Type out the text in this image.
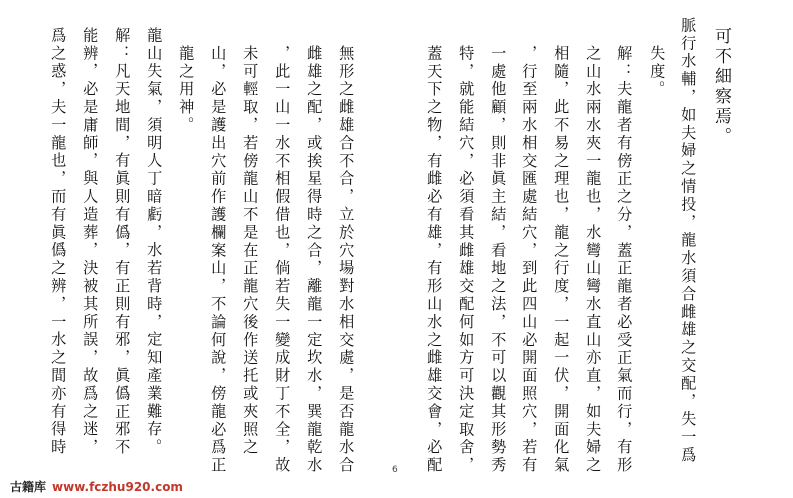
可不細察焉。
脈行水輔，如夫婦之情投，龍水須合雌雄之交配，失一爲
失度。
解：夫龍者有傍正之分，蓋正龍者必受正氣而行，有形
之山水兩水夾一龍也，水彎山彎水直山亦直，如夫婦之
相隨，此不易之理也，龍之行度，一起一伏，開面化氣
，行至兩水相交匯處結穴，到此四山必開面照穴，若有
一處他顧，則非眞主結，看地之法，不可以觀其形勢秀
特，就能結穴，必須看其雌雄交配何如方可決定取舍，
蓋天下之物，有雌必有雄，有形山水之雌雄交會，必配
6
無形之雌雄合不合，立於穴場對水相交處，是否龍水合
雌雄之配，或挨星得時之合，離龍一定坎水，巽龍乾水
，此一山一水不相假借也，倘若失一變成財丁不全，故
未可輕取，若傍龍山不是在正龍穴後作送托或夾照之
山，必是護出穴前作護欄案山，不論何說，傍龍必爲正
龍之用神。
龍山失氣，須明人丁暗虧，水若背時，定知產業難存。
解：凡天地間，有眞則有僞，有正則有邪，眞僞正邪不
能辨，必是庸師，與人造葬，決被其所誤，故爲之迷，
爲之惑，夫一龍也，而有眞僞之辨，一水之間亦有得時
古籍库 www.fczhu920.com
